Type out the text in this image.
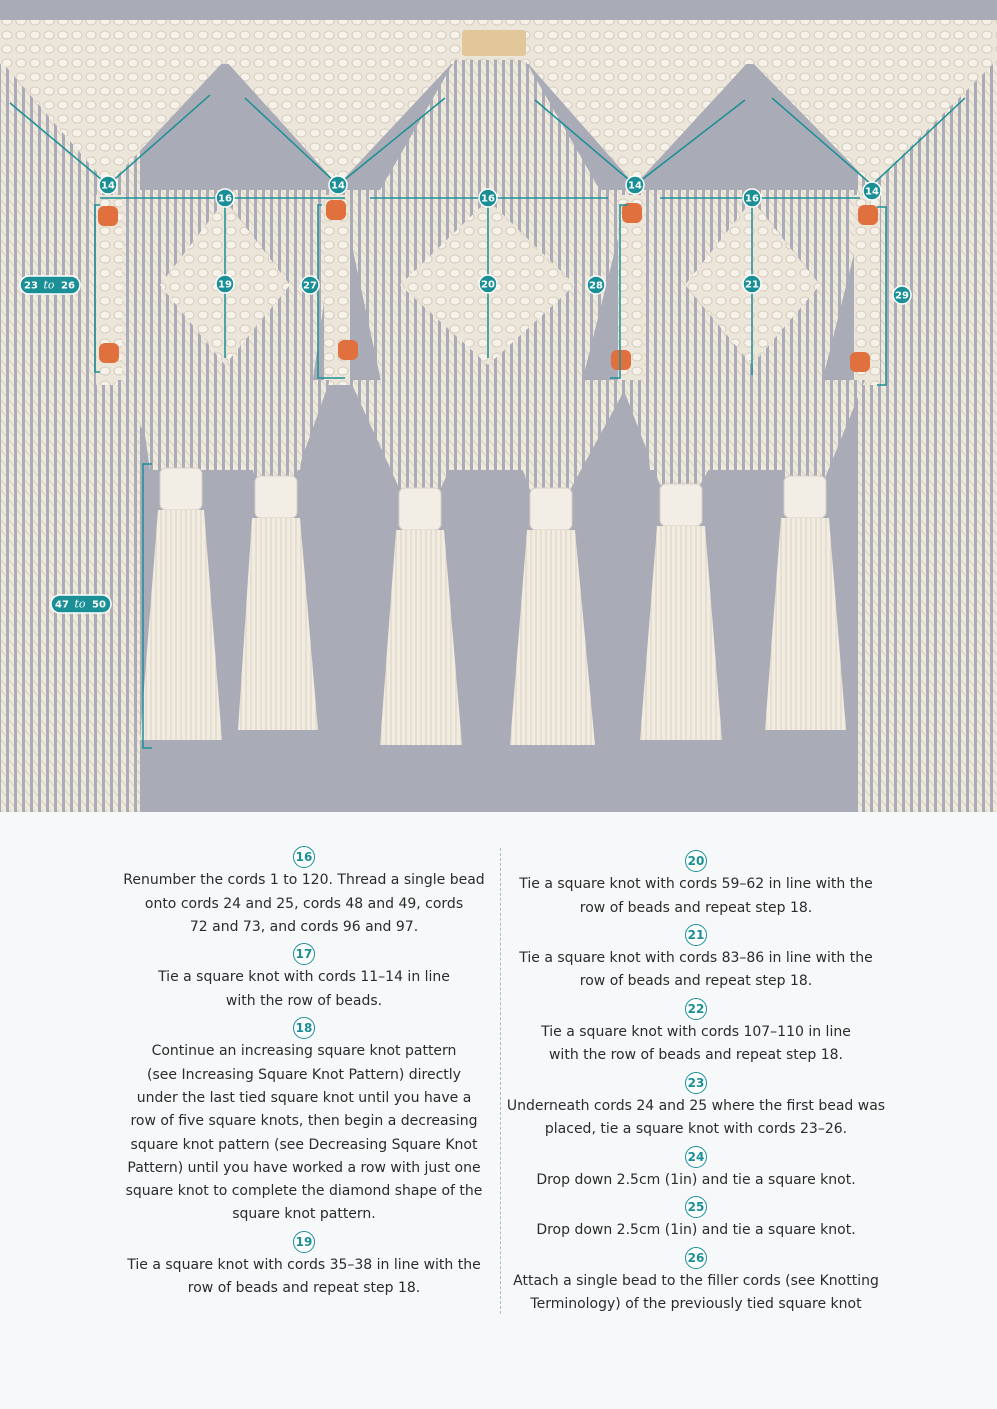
14	14	14
14
16	16	16
19	20	21
27	28
29
23 to 26
47 to 50
16
Renumber the cords 1 to 120. Thread a single bead
onto cords 24 and 25, cords 48 and 49, cords
72 and 73, and cords 96 and 97.
17
Tie a square knot with cords 11–14 in line
with the row of beads.
18
Continue an increasing square knot pattern
(see Increasing Square Knot Pattern) directly
under the last tied square knot until you have a
row of five square knots, then begin a decreasing
square knot pattern (see Decreasing Square Knot
Pattern) until you have worked a row with just one
square knot to complete the diamond shape of the
square knot pattern.
19
Tie a square knot with cords 35–38 in line with the
row of beads and repeat step 18.
20
Tie a square knot with cords 59–62 in line with the
row of beads and repeat step 18.
21
Tie a square knot with cords 83–86 in line with the
row of beads and repeat step 18.
22
Tie a square knot with cords 107–110 in line
with the row of beads and repeat step 18.
23
Underneath cords 24 and 25 where the first bead was
placed, tie a square knot with cords 23–26.
24
Drop down 2.5cm (1in) and tie a square knot.
25
Drop down 2.5cm (1in) and tie a square knot.
26
Attach a single bead to the filler cords (see Knotting
Terminology) of the previously tied square knot
